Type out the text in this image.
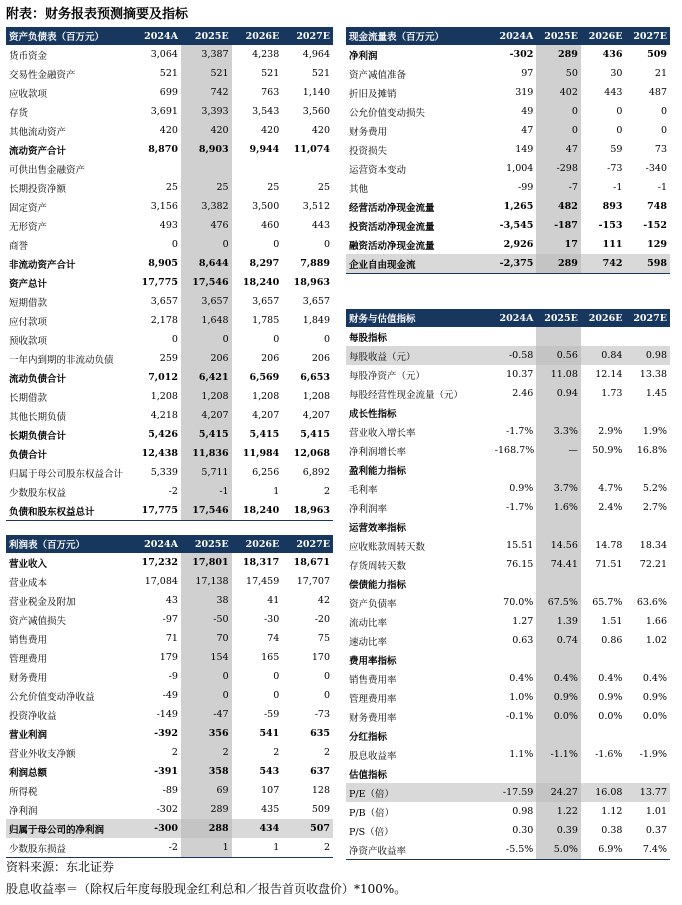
附表：财务报表预测摘要及指标
资产负债表（百万元）	2024A	2025E	2026E	2027E
货币资金	3,064	3,387	4,238	4,964
交易性金融资产	521	521	521	521
应收款项	699	742	763	1,140
存货	3,691	3,393	3,543	3,560
其他流动资产	420	420	420	420
流动资产合计	8,870	8,903	9,944	11,074
可供出售金融资产				
长期投资净额	25	25	25	25
固定资产	3,156	3,382	3,500	3,512
无形资产	493	476	460	443
商誉	0	0	0	0
非流动资产合计	8,905	8,644	8,297	7,889
资产总计	17,775	17,546	18,240	18,963
短期借款	3,657	3,657	3,657	3,657
应付款项	2,178	1,648	1,785	1,849
预收款项	0	0	0	0
一年内到期的非流动负债	259	206	206	206
流动负债合计	7,012	6,421	6,569	6,653
长期借款	1,208	1,208	1,208	1,208
其他长期负债	4,218	4,207	4,207	4,207
长期负债合计	5,426	5,415	5,415	5,415
负债合计	12,438	11,836	11,984	12,068
归属于母公司股东权益合计	5,339	5,711	6,256	6,892
少数股东权益	-2	-1	1	2
负债和股东权益总计	17,775	17,546	18,240	18,963
利润表（百万元）	2024A	2025E	2026E	2027E
营业收入	17,232	17,801	18,317	18,671
营业成本	17,084	17,138	17,459	17,707
营业税金及附加	43	38	41	42
资产减值损失	-97	-50	-30	-20
销售费用	71	70	74	75
管理费用	179	154	165	170
财务费用	-9	0	0	0
公允价值变动净收益	-49	0	0	0
投资净收益	-149	-47	-59	-73
营业利润	-392	356	541	635
营业外收支净额	2	2	2	2
利润总额	-391	358	543	637
所得税	-89	69	107	128
净利润	-302	289	435	509
归属于母公司的净利润	-300	288	434	507
少数股东损益	-2	1	1	2
现金流量表（百万元）	2024A	2025E	2026E	2027E
净利润	-302	289	436	509
资产减值准备	97	50	30	21
折旧及摊销	319	402	443	487
公允价值变动损失	49	0	0	0
财务费用	47	0	0	0
投资损失	149	47	59	73
运营资本变动	1,004	-298	-73	-340
其他	-99	-7	-1	-1
经营活动净现金流量	1,265	482	893	748
投资活动净现金流量	-3,545	-187	-153	-152
融资活动净现金流量	2,926	17	111	129
企业自由现金流	-2,375	289	742	598
财务与估值指标	2024A	2025E	2026E	2027E
每股指标				
每股收益（元）	-0.58	0.56	0.84	0.98
每股净资产（元）	10.37	11.08	12.14	13.38
每股经营性现金流量（元）	2.46	0.94	1.73	1.45
成长性指标				
营业收入增长率	-1.7%	3.3%	2.9%	1.9%
净利润增长率	-168.7%	—	50.9%	16.8%
盈利能力指标				
毛利率	0.9%	3.7%	4.7%	5.2%
净利润率	-1.7%	1.6%	2.4%	2.7%
运营效率指标				
应收账款周转天数	15.51	14.56	14.78	18.34
存货周转天数	76.15	74.41	71.51	72.21
偿债能力指标				
资产负债率	70.0%	67.5%	65.7%	63.6%
流动比率	1.27	1.39	1.51	1.66
速动比率	0.63	0.74	0.86	1.02
费用率指标				
销售费用率	0.4%	0.4%	0.4%	0.4%
管理费用率	1.0%	0.9%	0.9%	0.9%
财务费用率	-0.1%	0.0%	0.0%	0.0%
分红指标				
股息收益率	1.1%	-1.1%	-1.6%	-1.9%
估值指标				
P/E（倍）	-17.59	24.27	16.08	13.77
P/B（倍）	0.98	1.22	1.12	1.01
P/S（倍）	0.30	0.39	0.38	0.37
净资产收益率	-5.5%	5.0%	6.9%	7.4%
资料来源：东北证券
股息收益率＝（除权后年度每股现金红利总和／报告首页收盘价）*100%。
